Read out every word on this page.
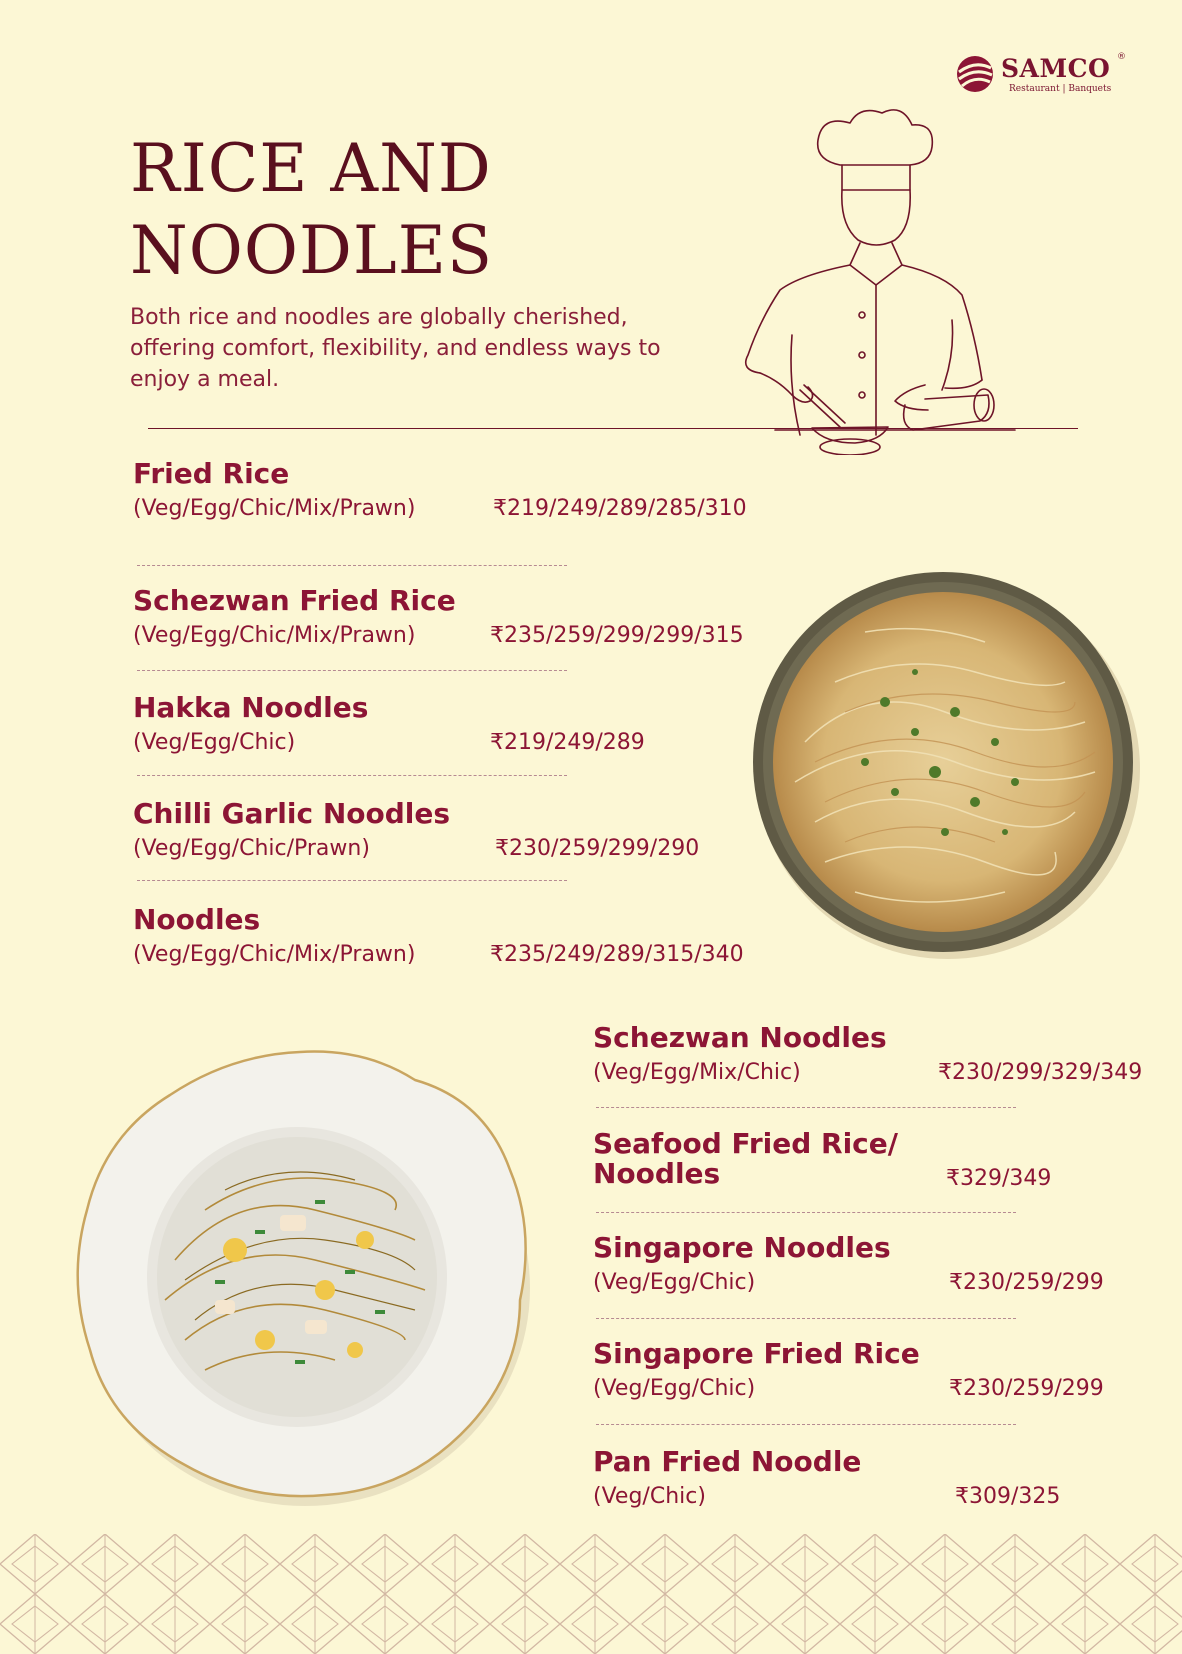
SAMCO ®
Restaurant | Banquets
RICE AND
NOODLES
Both rice and noodles are globally cherished, offering comfort, flexibility, and endless ways to enjoy a meal.
Fried Rice
(Veg/Egg/Chic/Mix/Prawn)	₹219/249/289/285/310
Schezwan Fried Rice
(Veg/Egg/Chic/Mix/Prawn)	₹235/259/299/299/315
Hakka Noodles
(Veg/Egg/Chic)	₹219/249/289
Chilli Garlic Noodles
(Veg/Egg/Chic/Prawn)	₹230/259/299/290
Noodles
(Veg/Egg/Chic/Mix/Prawn)	₹235/249/289/315/340
Schezwan Noodles
(Veg/Egg/Mix/Chic)	₹230/299/329/349
Seafood Fried Rice/
Noodles	₹329/349
Singapore Noodles
(Veg/Egg/Chic)	₹230/259/299
Singapore Fried Rice
(Veg/Egg/Chic)	₹230/259/299
Pan Fried Noodle
(Veg/Chic)	₹309/325
